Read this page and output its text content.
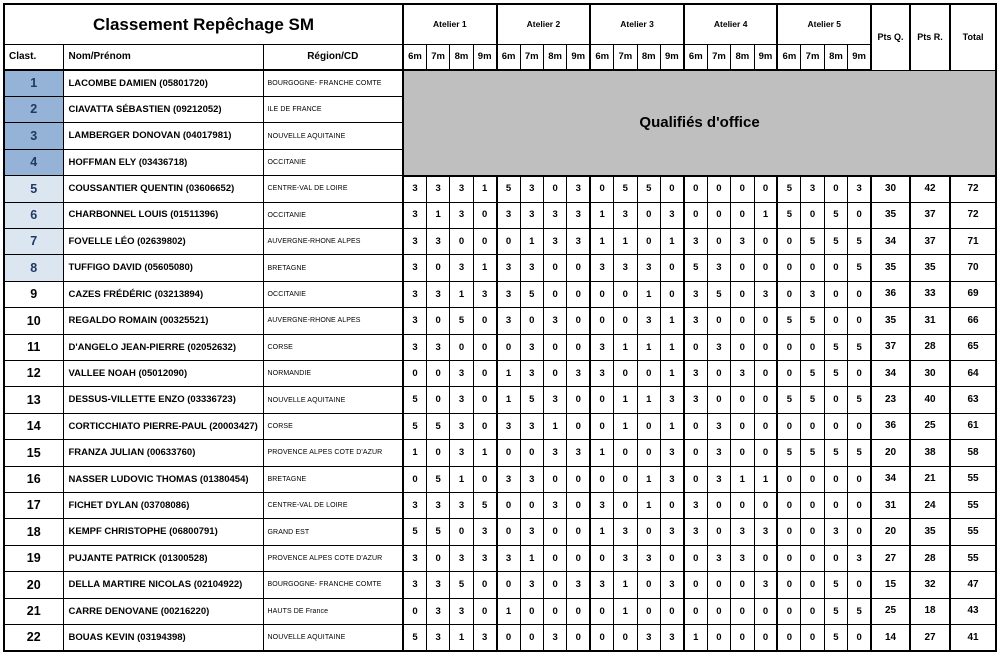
Classement Repêchage SM			Atelier 1				Atelier 2				Atelier 3				Atelier 4				Atelier 5				Pts Q.	Pts R.	Total
Clast.	Nom/Prénom	Région/CD	6m	7m	8m	9m	6m	7m	8m	9m	6m	7m	8m	9m	6m	7m	8m	9m	6m	7m	8m	9m			
1	LACOMBE DAMIEN (05801720)	BOURGOGNE- FRANCHE COMTE	Qualifiés d'office																						
2	CIAVATTA SÉBASTIEN (09212052)	ILE DE FRANCE																							
3	LAMBERGER DONOVAN (04017981)	NOUVELLE AQUITAINE																							
4	HOFFMAN ELY (03436718)	OCCITANIE																							
5	COUSSANTIER QUENTIN (03606652)	CENTRE-VAL DE LOIRE	3	3	3	1	5	3	0	3	0	5	5	0	0	0	0	0	5	3	0	3	30	42	72
6	CHARBONNEL LOUIS (01511396)	OCCITANIE	3	1	3	0	3	3	3	3	1	3	0	3	0	0	0	1	5	0	5	0	35	37	72
7	FOVELLE LÉO (02639802)	AUVERGNE-RHONE ALPES	3	3	0	0	0	1	3	3	1	1	0	1	3	0	3	0	0	5	5	5	34	37	71
8	TUFFIGO DAVID (05605080)	BRETAGNE	3	0	3	1	3	3	0	0	3	3	3	0	5	3	0	0	0	0	0	5	35	35	70
9	CAZES FRÉDÉRIC (03213894)	OCCITANIE	3	3	1	3	3	5	0	0	0	0	1	0	3	5	0	3	0	3	0	0	36	33	69
10	REGALDO ROMAIN (00325521)	AUVERGNE-RHONE ALPES	3	0	5	0	3	0	3	0	0	0	3	1	3	0	0	0	5	5	0	0	35	31	66
11	D'ANGELO JEAN-PIERRE (02052632)	CORSE	3	3	0	0	0	3	0	0	3	1	1	1	0	3	0	0	0	0	5	5	37	28	65
12	VALLEE NOAH (05012090)	NORMANDIE	0	0	3	0	1	3	0	3	3	0	0	1	3	0	3	0	0	5	5	0	34	30	64
13	DESSUS-VILLETTE ENZO (03336723)	NOUVELLE AQUITAINE	5	0	3	0	1	5	3	0	0	1	1	3	3	0	0	0	5	5	0	5	23	40	63
14	CORTICCHIATO PIERRE-PAUL (20003427)	CORSE	5	5	3	0	3	3	1	0	0	1	0	1	0	3	0	0	0	0	0	0	36	25	61
15	FRANZA JULIAN (00633760)	PROVENCE ALPES COTE D'AZUR	1	0	3	1	0	0	3	3	1	0	0	3	0	3	0	0	5	5	5	5	20	38	58
16	NASSER LUDOVIC THOMAS (01380454)	BRETAGNE	0	5	1	0	3	3	0	0	0	0	1	3	0	3	1	1	0	0	0	0	34	21	55
17	FICHET DYLAN (03708086)	CENTRE-VAL DE LOIRE	3	3	3	5	0	0	3	0	3	0	1	0	3	0	0	0	0	0	0	0	31	24	55
18	KEMPF CHRISTOPHE (06800791)	GRAND EST	5	5	0	3	0	3	0	0	1	3	0	3	3	0	3	3	0	0	3	0	20	35	55
19	PUJANTE PATRICK (01300528)	PROVENCE ALPES COTE D'AZUR	3	0	3	3	3	1	0	0	0	3	3	0	0	3	3	0	0	0	0	3	27	28	55
20	DELLA MARTIRE NICOLAS (02104922)	BOURGOGNE- FRANCHE COMTE	3	3	5	0	0	3	0	3	3	1	0	3	0	0	0	3	0	0	5	0	15	32	47
21	CARRE DENOVANE (00216220)	HAUTS DE France	0	3	3	0	1	0	0	0	0	1	0	0	0	0	0	0	0	0	5	5	25	18	43
22	BOUAS KEVIN (03194398)	NOUVELLE AQUITAINE	5	3	1	3	0	0	3	0	0	0	3	3	1	0	0	0	0	0	5	0	14	27	41
